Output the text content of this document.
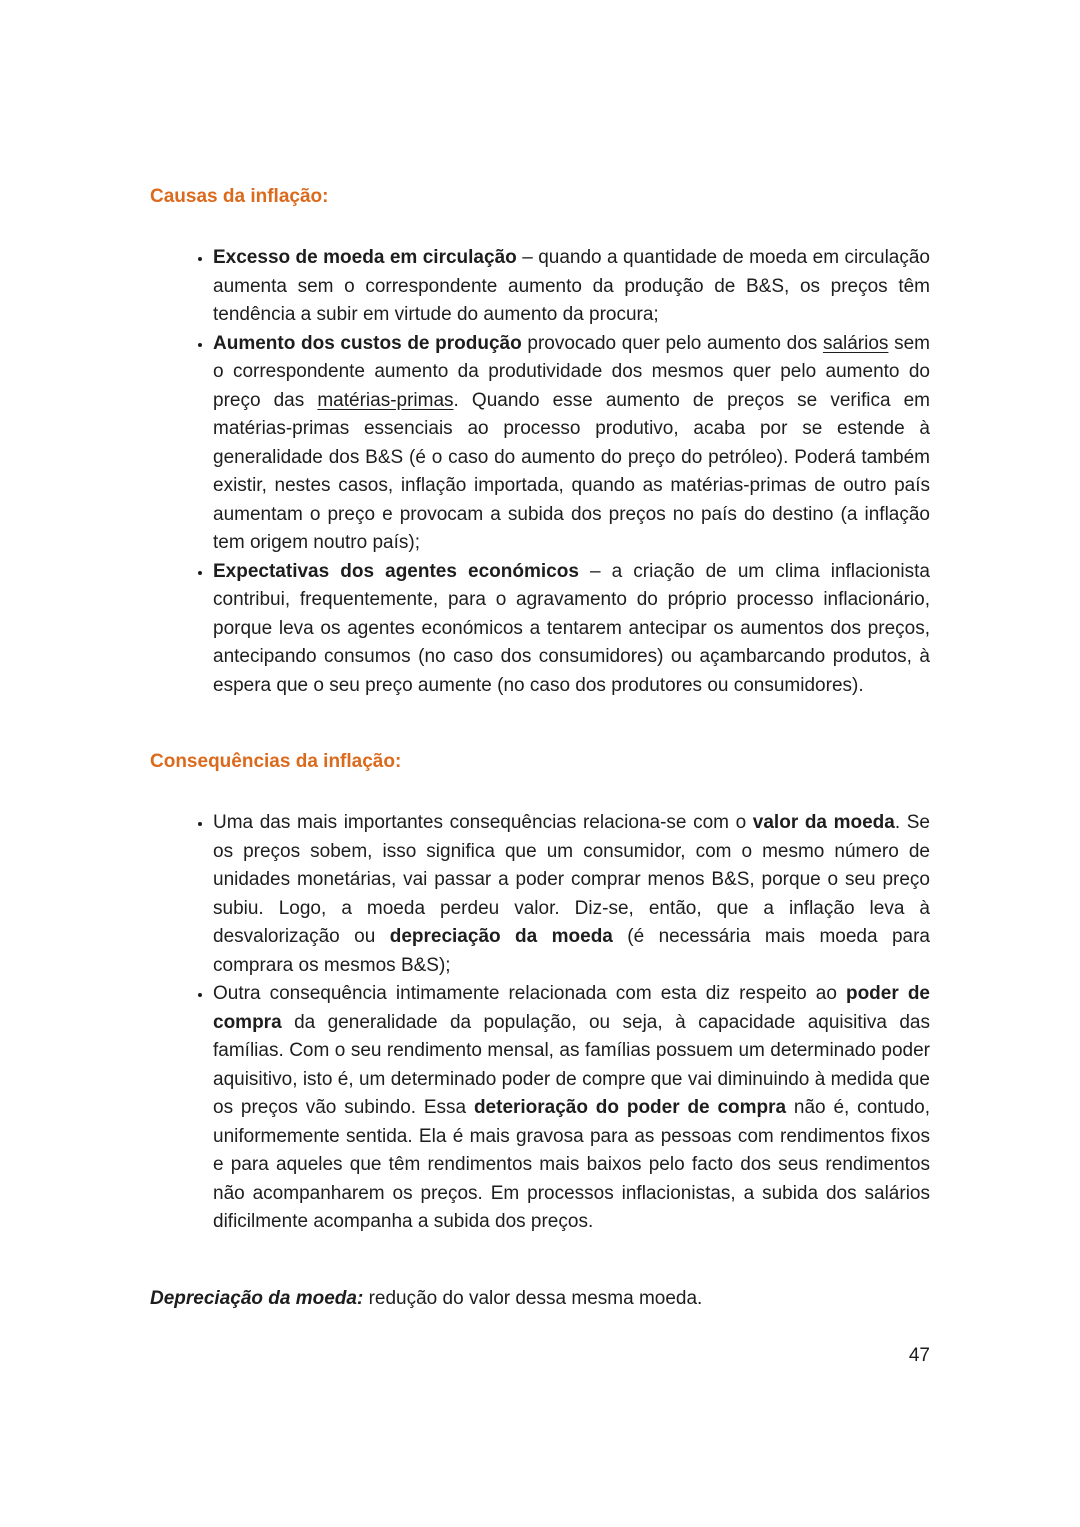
Causas da inflação:
• Excesso de moeda em circulação – quando a quantidade de moeda em circulação aumenta sem o correspondente aumento da produção de B&S, os preços têm tendência a subir em virtude do aumento da procura;
• Aumento dos custos de produção provocado quer pelo aumento dos salários sem o correspondente aumento da produtividade dos mesmos quer pelo aumento do preço das matérias-primas. Quando esse aumento de preços se verifica em matérias-primas essenciais ao processo produtivo, acaba por se estende à generalidade dos B&S (é o caso do aumento do preço do petróleo). Poderá também existir, nestes casos, inflação importada, quando as matérias-primas de outro país aumentam o preço e provocam a subida dos preços no país do destino (a inflação tem origem noutro país);
• Expectativas dos agentes económicos – a criação de um clima inflacionista contribui, frequentemente, para o agravamento do próprio processo inflacionário, porque leva os agentes económicos a tentarem antecipar os aumentos dos preços, antecipando consumos (no caso dos consumidores) ou açambarcando produtos, à espera que o seu preço aumente (no caso dos produtores ou consumidores).
Consequências da inflação:
• Uma das mais importantes consequências relaciona-se com o valor da moeda. Se os preços sobem, isso significa que um consumidor, com o mesmo número de unidades monetárias, vai passar a poder comprar menos B&S, porque o seu preço subiu. Logo, a moeda perdeu valor. Diz-se, então, que a inflação leva à desvalorização ou depreciação da moeda (é necessária mais moeda para comprara os mesmos B&S);
• Outra consequência intimamente relacionada com esta diz respeito ao poder de compra da generalidade da população, ou seja, à capacidade aquisitiva das famílias. Com o seu rendimento mensal, as famílias possuem um determinado poder aquisitivo, isto é, um determinado poder de compre que vai diminuindo à medida que os preços vão subindo. Essa deterioração do poder de compra não é, contudo, uniformemente sentida. Ela é mais gravosa para as pessoas com rendimentos fixos e para aqueles que têm rendimentos mais baixos pelo facto dos seus rendimentos não acompanharem os preços. Em processos inflacionistas, a subida dos salários dificilmente acompanha a subida dos preços.

Depreciação da moeda: redução do valor dessa mesma moeda.

47
